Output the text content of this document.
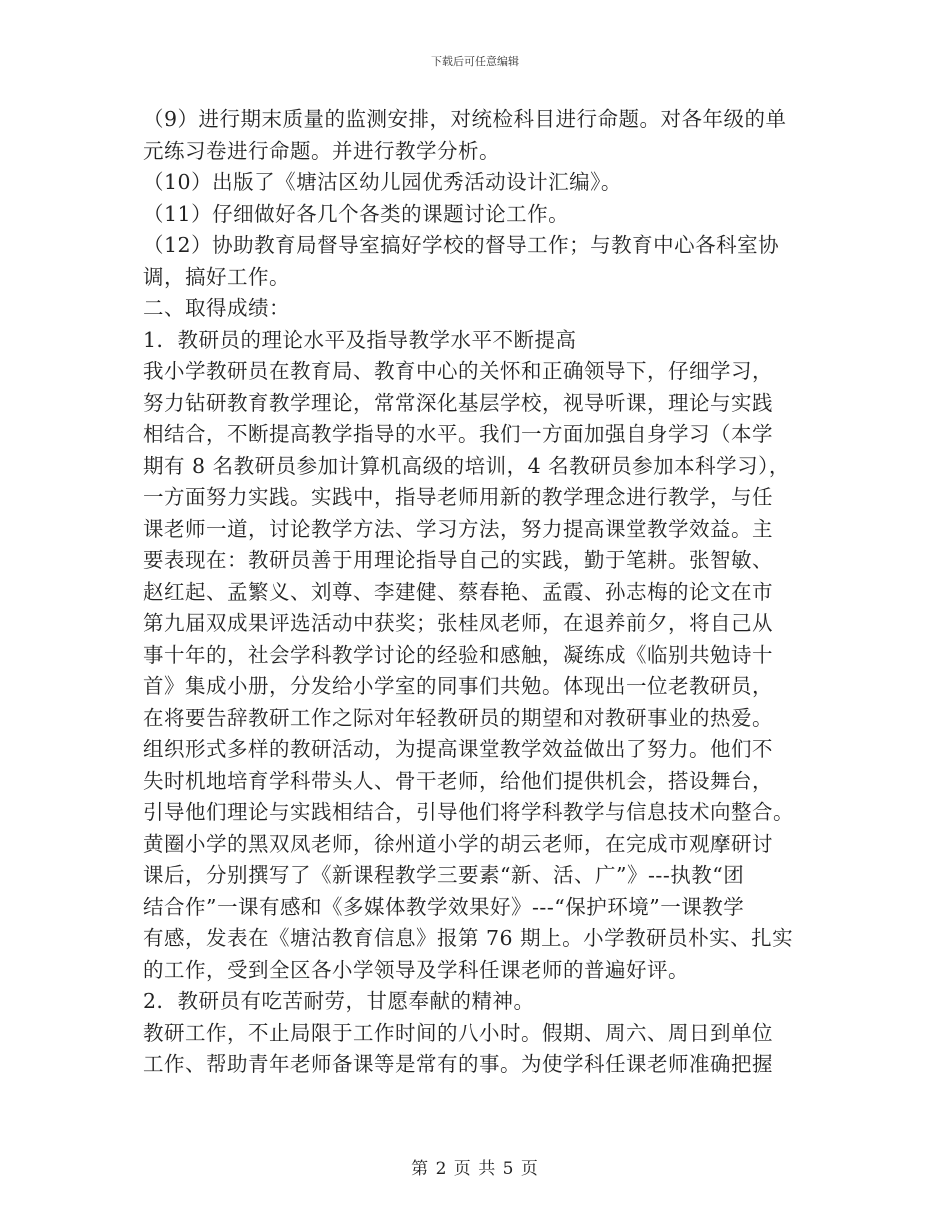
下载后可任意编辑
（9）进行期末质量的监测安排，对统检科目进行命题。对各年级的单
元练习卷进行命题。并进行教学分析。
（10）出版了《塘沽区幼儿园优秀活动设计汇编》。
（11）仔细做好各几个各类的课题讨论工作。
（12）协助教育局督导室搞好学校的督导工作；与教育中心各科室协
调，搞好工作。
二、取得成绩：
1．教研员的理论水平及指导教学水平不断提高
我小学教研员在教育局、教育中心的关怀和正确领导下，仔细学习，
努力钻研教育教学理论，常常深化基层学校，视导听课，理论与实践
相结合，不断提高教学指导的水平。我们一方面加强自身学习（本学
期有 8 名教研员参加计算机高级的培训，4 名教研员参加本科学习），
一方面努力实践。实践中，指导老师用新的教学理念进行教学，与任
课老师一道，讨论教学方法、学习方法，努力提高课堂教学效益。主
要表现在：教研员善于用理论指导自己的实践，勤于笔耕。张智敏、
赵红起、孟繁义、刘尊、李建健、蔡春艳、孟霞、孙志梅的论文在市
第九届双成果评选活动中获奖；张桂凤老师，在退养前夕，将自己从
事十年的，社会学科教学讨论的经验和感触，凝练成《临别共勉诗十
首》集成小册，分发给小学室的同事们共勉。体现出一位老教研员，
在将要告辞教研工作之际对年轻教研员的期望和对教研事业的热爱。
组织形式多样的教研活动，为提高课堂教学效益做出了努力。他们不
失时机地培育学科带头人、骨干老师，给他们提供机会，搭设舞台，
引导他们理论与实践相结合，引导他们将学科教学与信息技术向整合。
黄圈小学的黑双凤老师，徐州道小学的胡云老师，在完成市观摩研讨
课后，分别撰写了《新课程教学三要素“新、活、广”》---执教“团
结合作”一课有感和《多媒体教学效果好》---“保护环境”一课教学
有感，发表在《塘沽教育信息》报第 76 期上。小学教研员朴实、扎实
的工作，受到全区各小学领导及学科任课老师的普遍好评。
2．教研员有吃苦耐劳，甘愿奉献的精神。
教研工作，不止局限于工作时间的八小时。假期、周六、周日到单位
工作、帮助青年老师备课等是常有的事。为使学科任课老师准确把握
第 2 页 共 5 页
